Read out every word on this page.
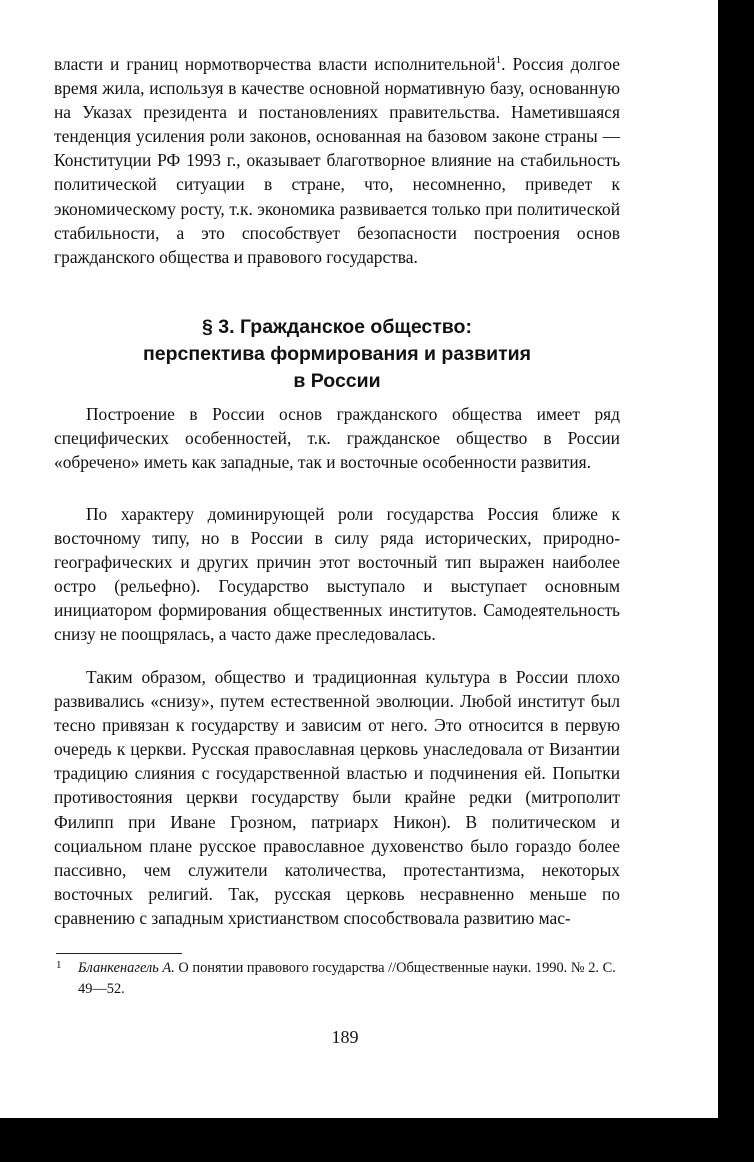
власти и границ нормотворчества власти исполнительной$^1$. Россия долгое время жила, используя в качестве основной нормативную базу, основанную на Указах президента и постановлениях правительства. Наметившаяся тенденция усиления роли законов, основанная на базовом законе страны — Конституции РФ 1993 г., оказывает благотворное влияние на стабильность политической ситуации в стране, что, несомненно, приведет к экономическому росту, т.к. экономика развивается только при политической стабильности, а это способствует безопасности построения основ гражданского общества и правового государства.

§ 3. Гражданское общество:
перспектива формирования и развития
в России

Построение в России основ гражданского общества имеет ряд специфических особенностей, т.к. гражданское общество в России «обречено» иметь как западные, так и восточные особенности развития.

По характеру доминирующей роли государства Россия ближе к восточному типу, но в России в силу ряда исторических, природно-географических и других причин этот восточный тип выражен наиболее остро (рельефно). Государство выступало и выступает основным инициатором формирования общественных институтов. Самодеятельность снизу не поощрялась, а часто даже преследовалась.

Таким образом, общество и традиционная культура в России плохо развивались «снизу», путем естественной эволюции. Любой институт был тесно привязан к государству и зависим от него. Это относится в первую очередь к церкви. Русская православная церковь унаследовала от Византии традицию слияния с государственной властью и подчинения ей. Попытки противостояния церкви государству были крайне редки (митрополит Филипп при Иване Грозном, патриарх Никон). В политическом и социальном плане русское православное духовенство было гораздо более пассивно, чем служители католичества, протестантизма, некоторых восточных религий. Так, русская церковь несравненно меньше по сравнению с западным христианством способствовала развитию мас-

1	Бланкенагель А. О понятии правового государства //Общественные науки. 1990. № 2. С. 49—52.
189
